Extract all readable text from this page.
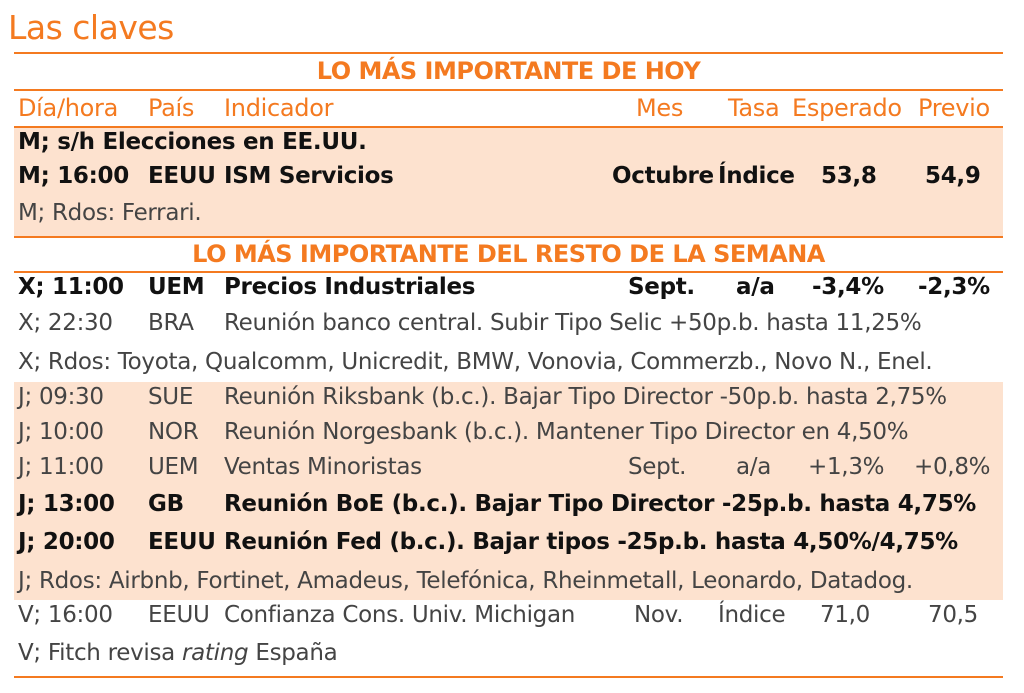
Las claves
LO MÁS IMPORTANTE DE HOY
Día/hora País Indicador	Mes Tasa Esperado Previo
M; s/h Elecciones en EE.UU.
M; 16:00 EEUU ISM Servicios	Octubre Índice 53,8 54,9
M; Rdos: Ferrari.
LO MÁS IMPORTANTE DEL RESTO DE LA SEMANA
X; 11:00 UEM Precios Industriales	Sept. a/a -3,4% -2,3%
X; 22:30 BRA Reunión banco central. Subir Tipo Selic +50p.b. hasta 11,25%
X; Rdos: Toyota, Qualcomm, Unicredit, BMW, Vonovia, Commerzb., Novo N., Enel.
J; 09:30 SUE Reunión Riksbank (b.c.). Bajar Tipo Director -50p.b. hasta 2,75%
J; 10:00 NOR Reunión Norgesbank (b.c.). Mantener Tipo Director en 4,50%
J; 11:00 UEM Ventas Minoristas	Sept. a/a +1,3% +0,8%
J; 13:00 GB Reunión BoE (b.c.). Bajar Tipo Director -25p.b. hasta 4,75%
J; 20:00 EEUU Reunión Fed (b.c.). Bajar tipos -25p.b. hasta 4,50%/4,75%
J; Rdos: Airbnb, Fortinet, Amadeus, Telefónica, Rheinmetall, Leonardo, Datadog.
V; 16:00 EEUU Confianza Cons. Univ. Michigan	Nov. Índice 71,0	70,5
V; Fitch revisa rating España
